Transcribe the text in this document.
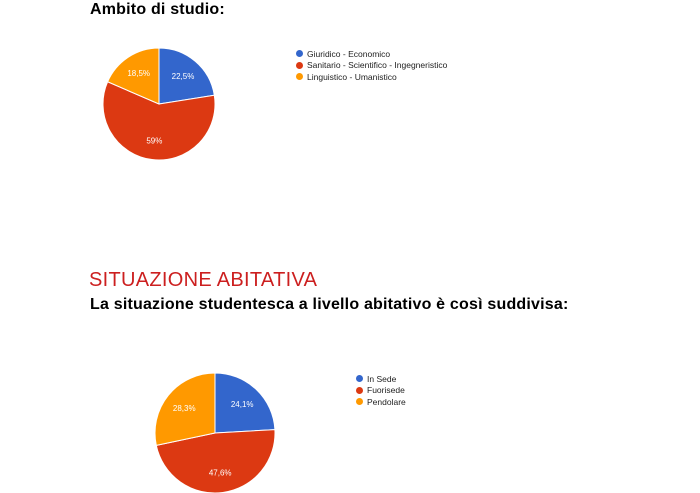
Ambito di studio:
22,5%
59%
18,5%
Giuridico - Economico
Sanitario - Scientifico - Ingegneristico
Linguistico - Umanistico
SITUAZIONE ABITATIVA
La situazione studentesca a livello abitativo è così suddivisa:
24,1%
47,6%
28,3%
In Sede
Fuorisede
Pendolare
